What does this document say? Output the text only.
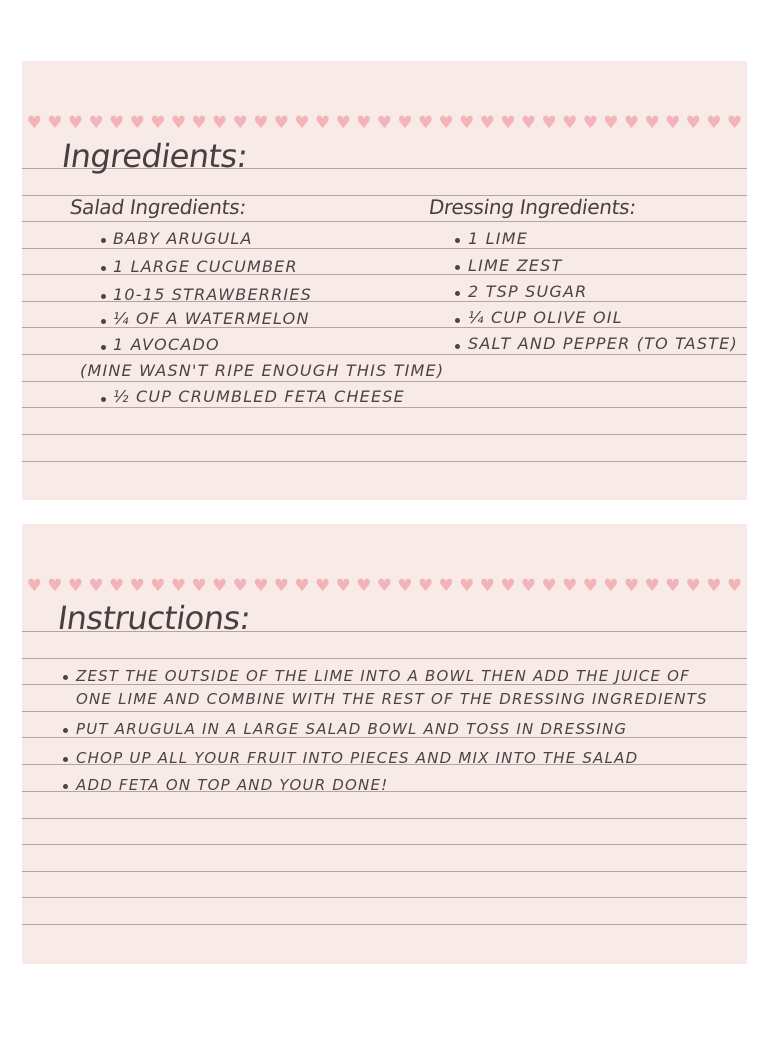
♥ ♥ ♥ ♥ ♥ ♥ ♥ ♥ ♥ ♥ ♥ ♥ ♥ ♥ ♥ ♥ ♥ ♥ ♥ ♥ ♥ ♥ ♥ ♥ ♥ ♥ ♥ ♥ ♥ ♥ ♥ ♥ ♥ ♥ ♥
Ingredients:
Salad Ingredients:	Dressing Ingredients:
BABY ARUGULA
1 LARGE CUCUMBER
10-15 STRAWBERRIES
¼ OF A WATERMELON
1 AVOCADO
(MINE WASN'T RIPE ENOUGH THIS TIME)
½ CUP CRUMBLED FETA CHEESE
1 LIME
LIME ZEST
2 TSP SUGAR
¼ CUP OLIVE OIL
SALT AND PEPPER (TO TASTE)
♥ ♥ ♥ ♥ ♥ ♥ ♥ ♥ ♥ ♥ ♥ ♥ ♥ ♥ ♥ ♥ ♥ ♥ ♥ ♥ ♥ ♥ ♥ ♥ ♥ ♥ ♥ ♥ ♥ ♥ ♥ ♥ ♥ ♥ ♥
Instructions:
ZEST THE OUTSIDE OF THE LIME INTO A BOWL THEN ADD THE JUICE OF ONE LIME AND COMBINE WITH THE REST OF THE DRESSING INGREDIENTS
PUT ARUGULA IN A LARGE SALAD BOWL AND TOSS IN DRESSING
CHOP UP ALL YOUR FRUIT INTO PIECES AND MIX INTO THE SALAD
ADD FETA ON TOP AND YOUR DONE!
